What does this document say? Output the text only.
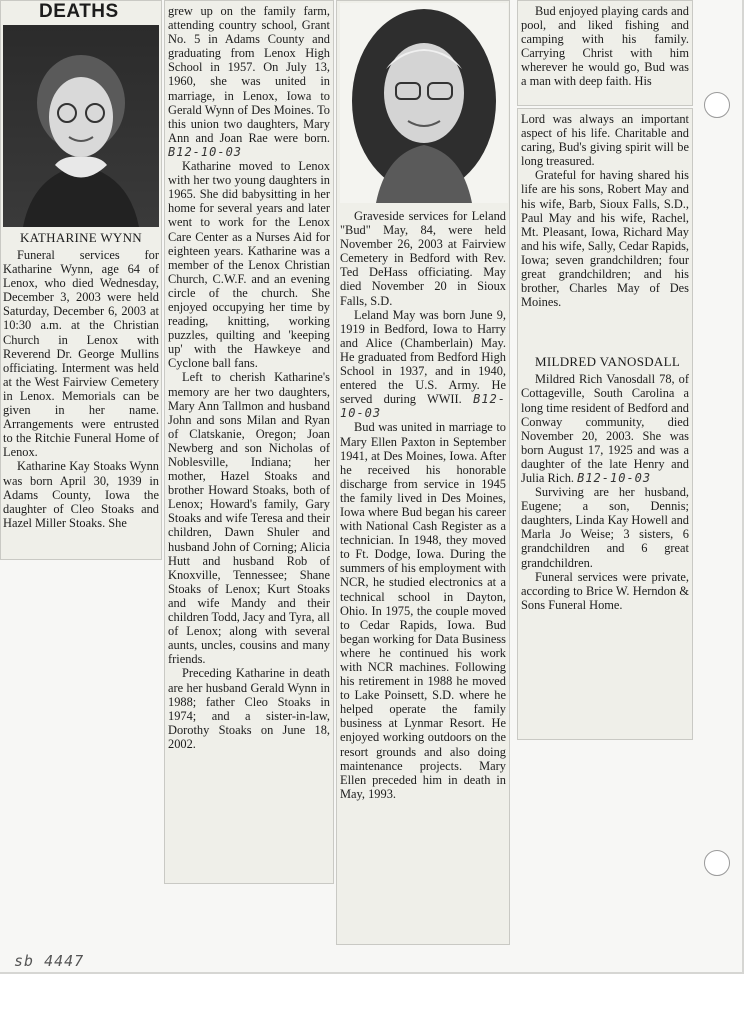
DEATHS
KATHARINE WYNN

Funeral services for Katharine Wynn, age 64 of Lenox, who died Wednesday, December 3, 2003 were held Saturday, December 6, 2003 at 10:30 a.m. at the Christian Church in Lenox with Reverend Dr. George Mullins officiating. Interment was held at the West Fairview Cemetery in Lenox. Memorials can be given in her name. Arrangements were entrusted to the Ritchie Funeral Home of Lenox.

Katharine Kay Stoaks Wynn was born April 30, 1939 in Adams County, Iowa the daughter of Cleo Stoaks and Hazel Miller Stoaks. She

grew up on the family farm, attending country school, Grant No. 5 in Adams County and graduating from Lenox High School in 1957. On July 13, 1960, she was united in marriage, in Lenox, Iowa to Gerald Wynn of Des Moines. To this union two daughters, Mary Ann and Joan Rae were born. B12-10-03

Katharine moved to Lenox with her two young daughters in 1965. She did babysitting in her home for several years and later went to work for the Lenox Care Center as a Nurses Aid for eighteen years. Katharine was a member of the Lenox Christian Church, C.W.F. and an evening circle of the church. She enjoyed occupying her time by reading, knitting, working puzzles, quilting and 'keeping up' with the Hawkeye and Cyclone ball fans.

Left to cherish Katharine's memory are her two daughters, Mary Ann Tallmon and husband John and sons Milan and Ryan of Clatskanie, Oregon; Joan Newberg and son Nicholas of Noblesville, Indiana; her mother, Hazel Stoaks and brother Howard Stoaks, both of Lenox; Howard's family, Gary Stoaks and wife Teresa and their children, Dawn Shuler and husband John of Corning; Alicia Hutt and husband Rob of Knoxville, Tennessee; Shane Stoaks of Lenox; Kurt Stoaks and wife Mandy and their children Todd, Jacy and Tyra, all of Lenox; along with several aunts, uncles, cousins and many friends.

Preceding Katharine in death are her husband Gerald Wynn in 1988; father Cleo Stoaks in 1974; and a sister-in-law, Dorothy Stoaks on June 18, 2002.

Graveside services for Leland "Bud" May, 84, were held November 26, 2003 at Fairview Cemetery in Bedford with Rev. Ted DeHass officiating. May died November 20 in Sioux Falls, S.D.

Leland May was born June 9, 1919 in Bedford, Iowa to Harry and Alice (Chamberlain) May. He graduated from Bedford High School in 1937, and in 1940, entered the U.S. Army. He served during WWII. B12-10-03

Bud was united in marriage to Mary Ellen Paxton in September 1941, at Des Moines, Iowa. After he received his honorable discharge from service in 1945 the family lived in Des Moines, Iowa where Bud began his career with National Cash Register as a technician. In 1948, they moved to Ft. Dodge, Iowa. During the summers of his employment with NCR, he studied electronics at a technical school in Dayton, Ohio. In 1975, the couple moved to Cedar Rapids, Iowa. Bud began working for Data Business where he continued his work with NCR machines. Following his retirement in 1988 he moved to Lake Poinsett, S.D. where he helped operate the family business at Lynmar Resort. He enjoyed working outdoors on the resort grounds and also doing maintenance projects. Mary Ellen preceded him in death in May, 1993.

Bud enjoyed playing cards and pool, and liked fishing and camping with his family. Carrying Christ with him wherever he would go, Bud was a man with deep faith. His

Lord was always an important aspect of his life. Charitable and caring, Bud's giving spirit will be long treasured.

Grateful for having shared his life are his sons, Robert May and his wife, Barb, Sioux Falls, S.D., Paul May and his wife, Rachel, Mt. Pleasant, Iowa, Richard May and his wife, Sally, Cedar Rapids, Iowa; seven grandchildren; four great grandchildren; and his brother, Charles May of Des Moines.

MILDRED VANOSDALL

Mildred Rich Vanosdall 78, of Cottageville, South Carolina a long time resident of Bedford and Conway community, died November 20, 2003. She was born August 17, 1925 and was a daughter of the late Henry and Julia Rich. B12-10-03

Surviving are her husband, Eugene; a son, Dennis; daughters, Linda Kay Howell and Marla Jo Weise; 3 sisters, 6 grandchildren and 6 great grandchildren.

Funeral services were private, according to Brice W. Herndon & Sons Funeral Home.

sb 4447
